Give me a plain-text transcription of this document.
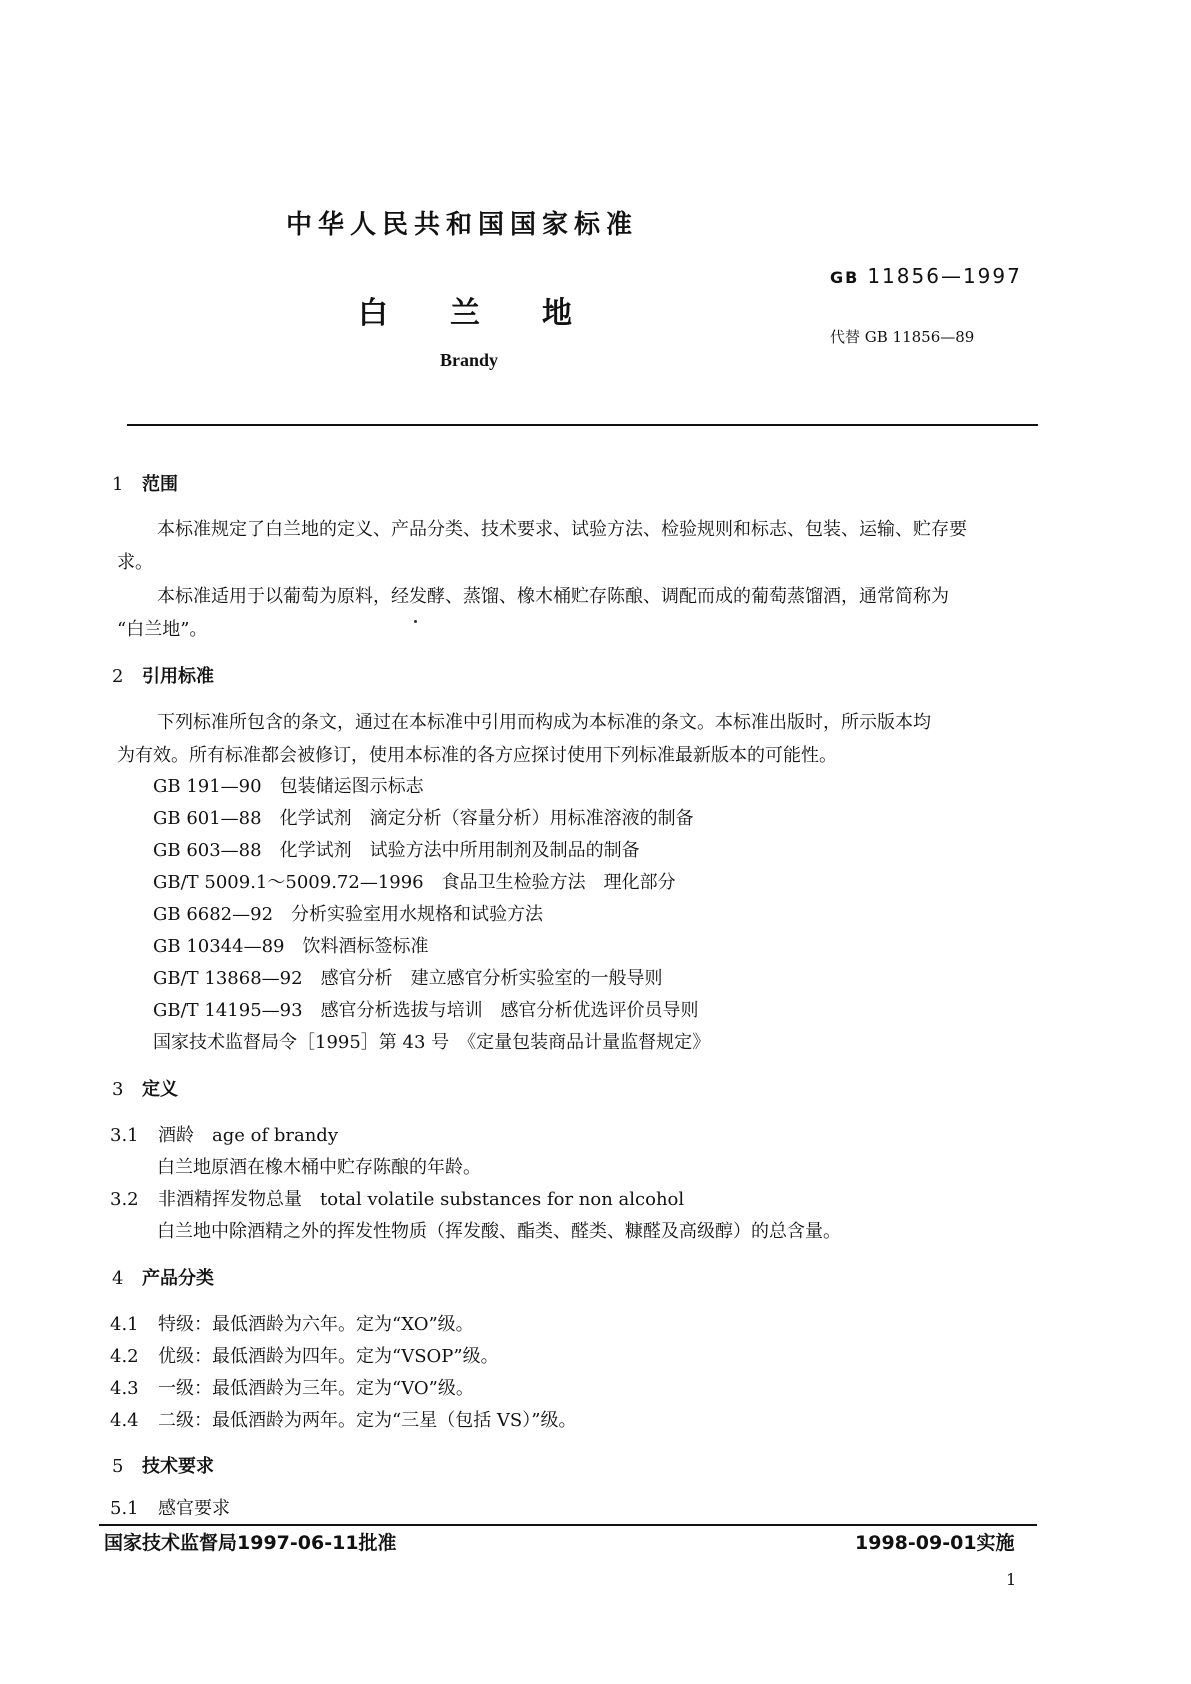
中华人民共和国国家标准
GB 11856—1997
白 兰 地
代替 GB 11856—89
Brandy
1 范围
本标准规定了白兰地的定义、产品分类、技术要求、试验方法、检验规则和标志、包装、运输、贮存要
求。
本标准适用于以葡萄为原料，经发酵、蒸馏、橡木桶贮存陈酿、调配而成的葡萄蒸馏酒，通常简称为
“白兰地”。
2 引用标准
下列标准所包含的条文，通过在本标准中引用而构成为本标准的条文。本标准出版时，所示版本均
为有效。所有标准都会被修订，使用本标准的各方应探讨使用下列标准最新版本的可能性。
GB 191—90　包装储运图示标志
GB 601—88　化学试剂　滴定分析（容量分析）用标准溶液的制备
GB 603—88　化学试剂　试验方法中所用制剂及制品的制备
GB/T 5009.1～5009.72—1996　食品卫生检验方法　理化部分
GB 6682—92　分析实验室用水规格和试验方法
GB 10344—89　饮料酒标签标准
GB/T 13868—92　感官分析　建立感官分析实验室的一般导则
GB/T 14195—93　感官分析选拔与培训　感官分析优选评价员导则
国家技术监督局令［1995］第 43 号　《定量包装商品计量监督规定》
3 定义
3.1 酒龄　age of brandy
白兰地原酒在橡木桶中贮存陈酿的年龄。
3.2 非酒精挥发物总量　total volatile substances for non alcohol
白兰地中除酒精之外的挥发性物质（挥发酸、酯类、醛类、糠醛及高级醇）的总含量。
4 产品分类
4.1 特级：最低酒龄为六年。定为“XO”级。
4.2 优级：最低酒龄为四年。定为“VSOP”级。
4.3 一级：最低酒龄为三年。定为“VO”级。
4.4 二级：最低酒龄为两年。定为“三星（包括 VS）”级。
5 技术要求
5.1 感官要求
国家技术监督局1997-06-11批准	1998-09-01实施
1
